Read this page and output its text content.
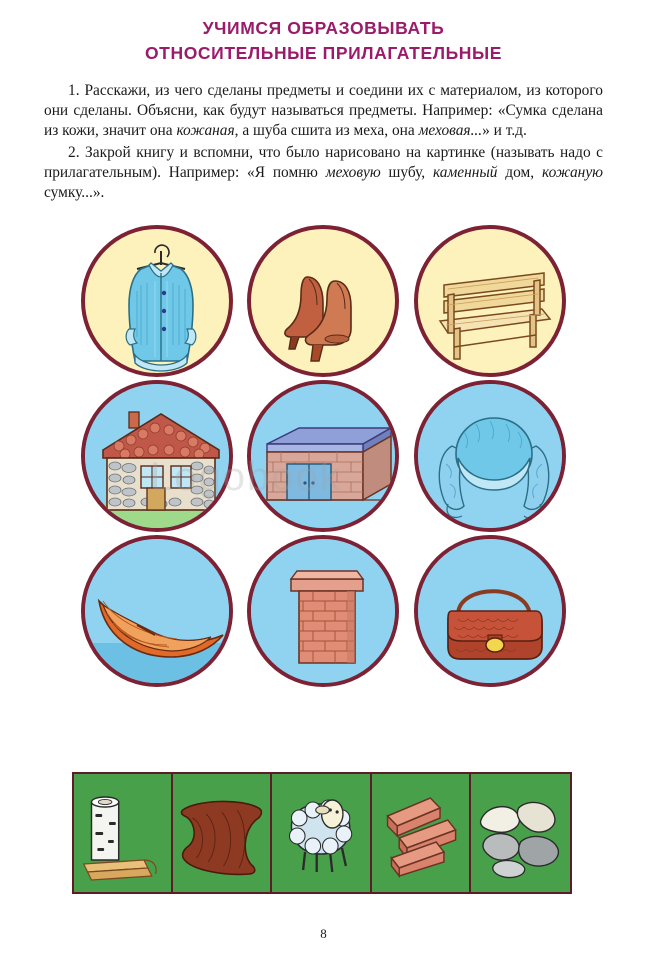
УЧИМСЯ ОБРАЗОВЫВАТЬ
ОТНОСИТЕЛЬНЫЕ ПРИЛАГАТЕЛЬНЫЕ

1. Расскажи, из чего сделаны предметы и соедини их с материалом, из которого они сделаны. Объясни, как будут называться предметы. Например: «Сумка сделана из кожи, значит она кожаная, а шуба сшита из меха, она меховая...» и т.д.

2. Закрой книгу и вспомни, что было нарисовано на картинке (называть надо с прилагательным). Например: «Я помню меховую шубу, каменный дом, кожаную сумку...».

Logobook
8
